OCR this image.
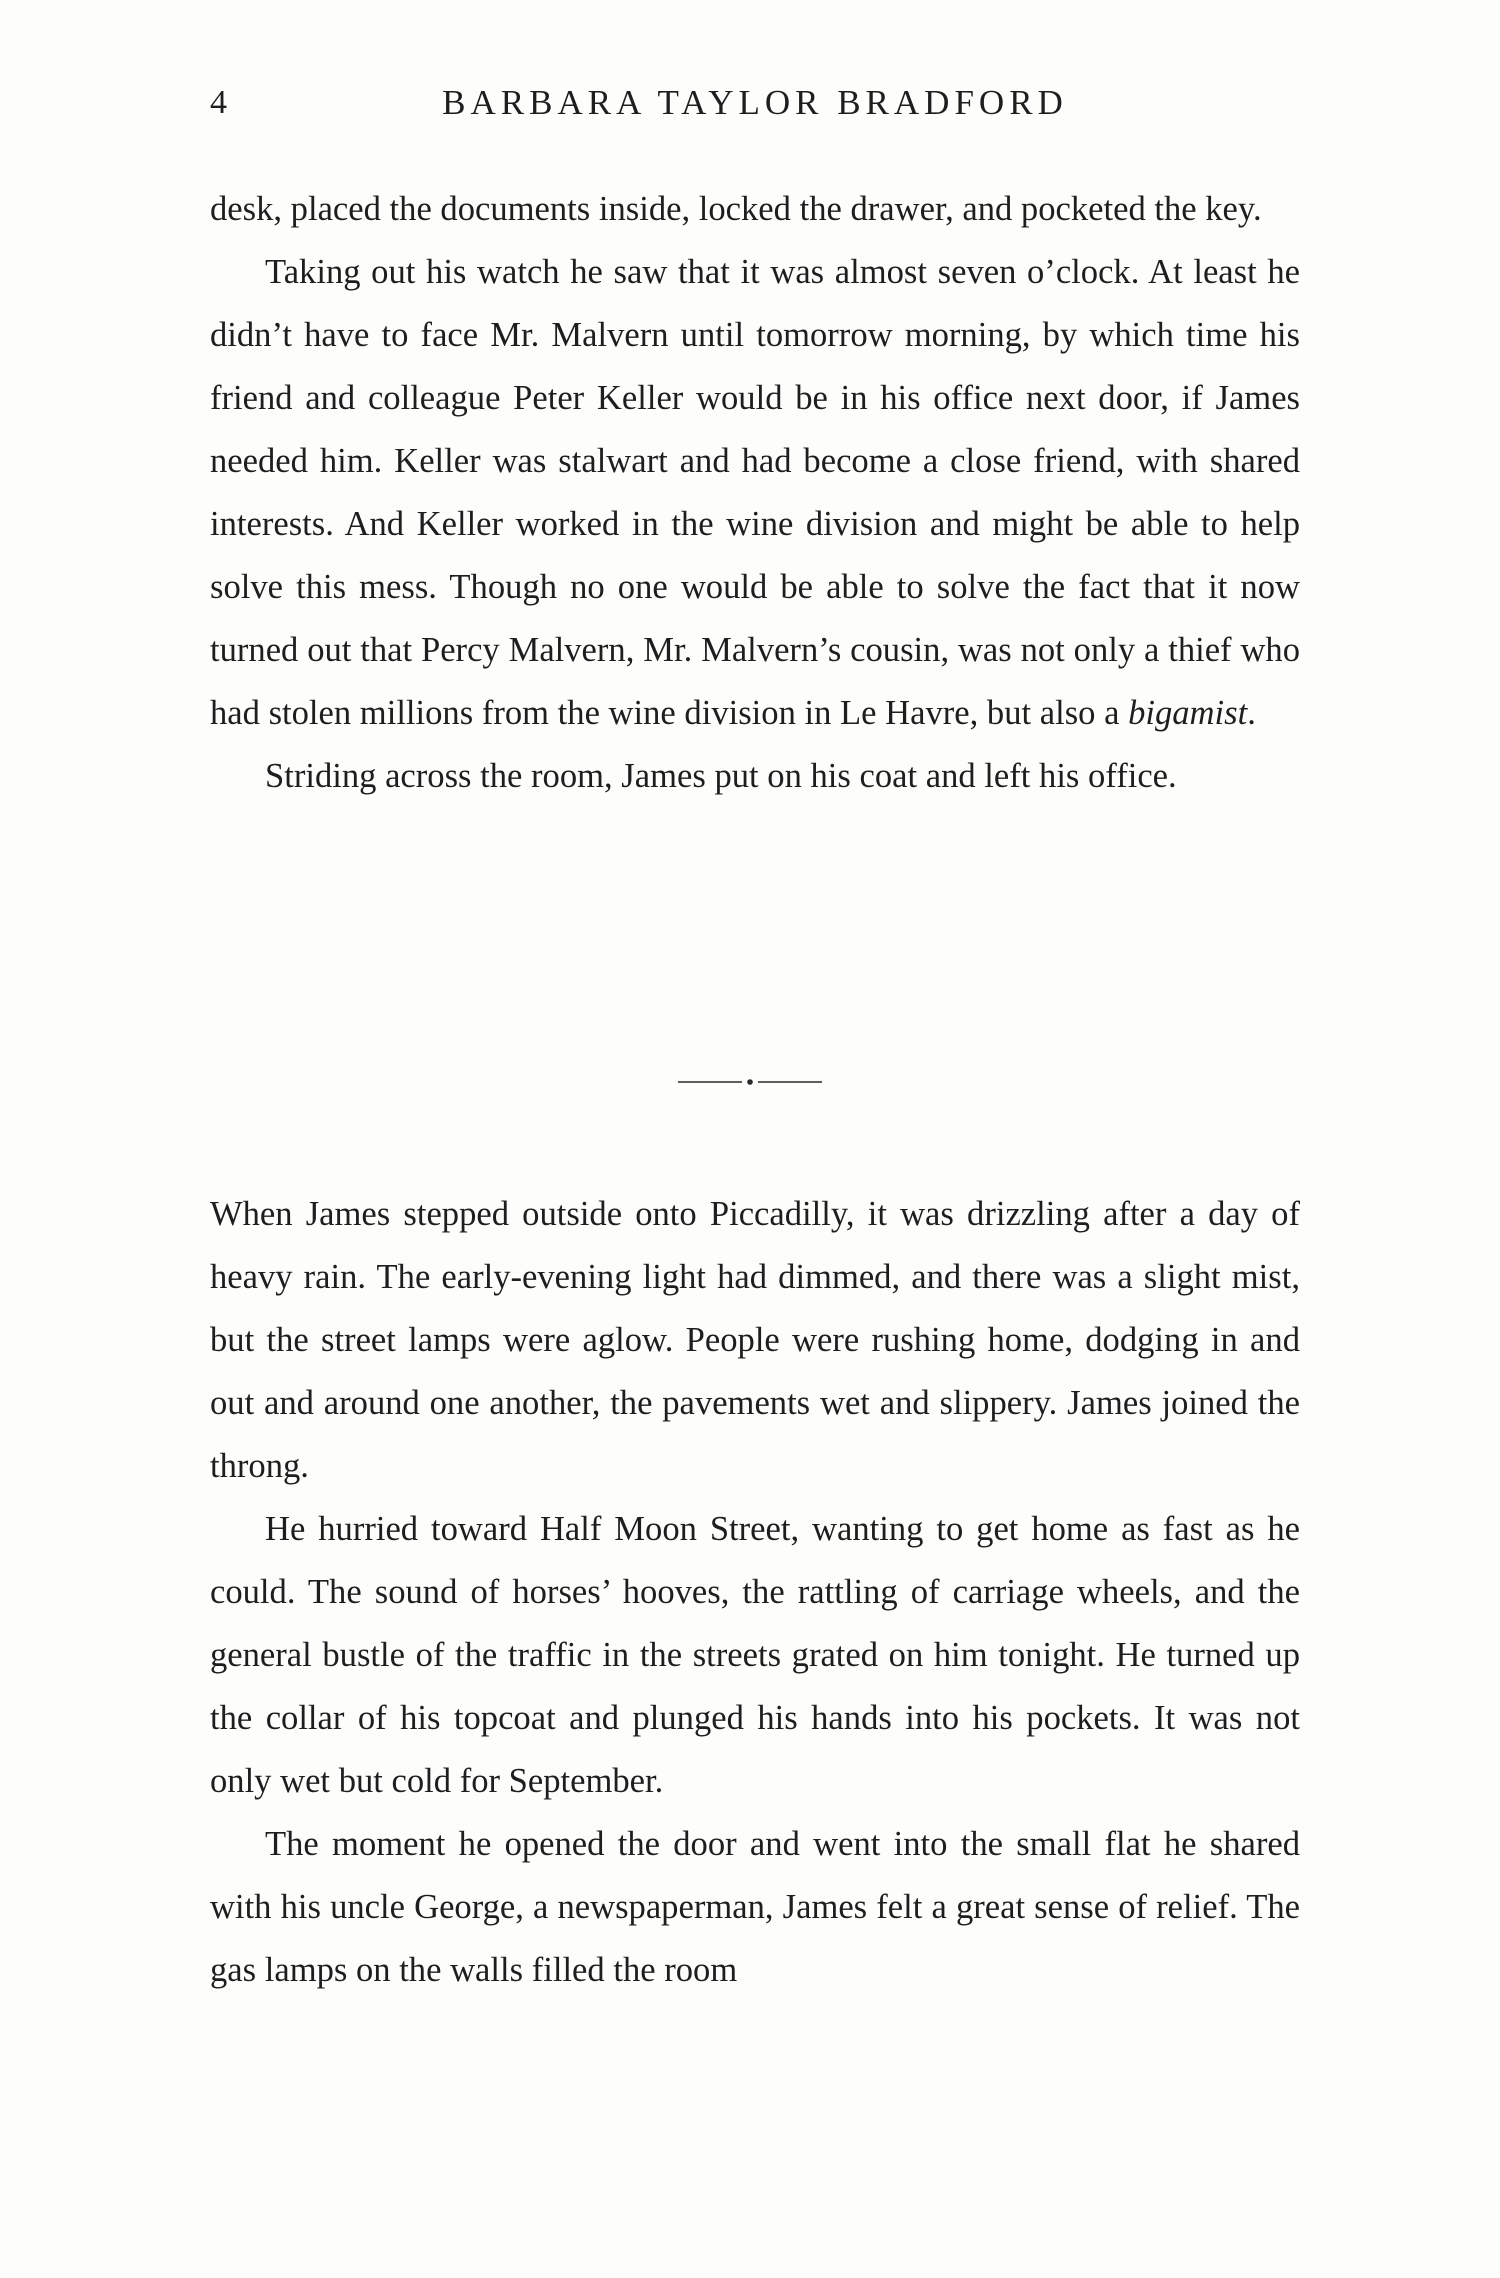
4	BARBARA TAYLOR BRADFORD

desk, placed the documents inside, locked the drawer, and pocketed the key.

Taking out his watch he saw that it was almost seven o’clock. At least he didn’t have to face Mr. Malvern until tomorrow morning, by which time his friend and colleague Peter Keller would be in his office next door, if James needed him. Keller was stalwart and had become a close friend, with shared interests. And Keller worked in the wine division and might be able to help solve this mess. Though no one would be able to solve the fact that it now turned out that Percy Malvern, Mr. Malvern’s cousin, was not only a thief who had stolen millions from the wine division in Le Havre, but also a bigamist.

Striding across the room, James put on his coat and left his office.

When James stepped outside onto Piccadilly, it was drizzling after a day of heavy rain. The early-evening light had dimmed, and there was a slight mist, but the street lamps were aglow. People were rushing home, dodging in and out and around one another, the pavements wet and slippery. James joined the throng.

He hurried toward Half Moon Street, wanting to get home as fast as he could. The sound of horses’ hooves, the rattling of carriage wheels, and the general bustle of the traffic in the streets grated on him tonight. He turned up the collar of his topcoat and plunged his hands into his pockets. It was not only wet but cold for September.

The moment he opened the door and went into the small flat he shared with his uncle George, a newspaperman, James felt a great sense of relief. The gas lamps on the walls filled the room
